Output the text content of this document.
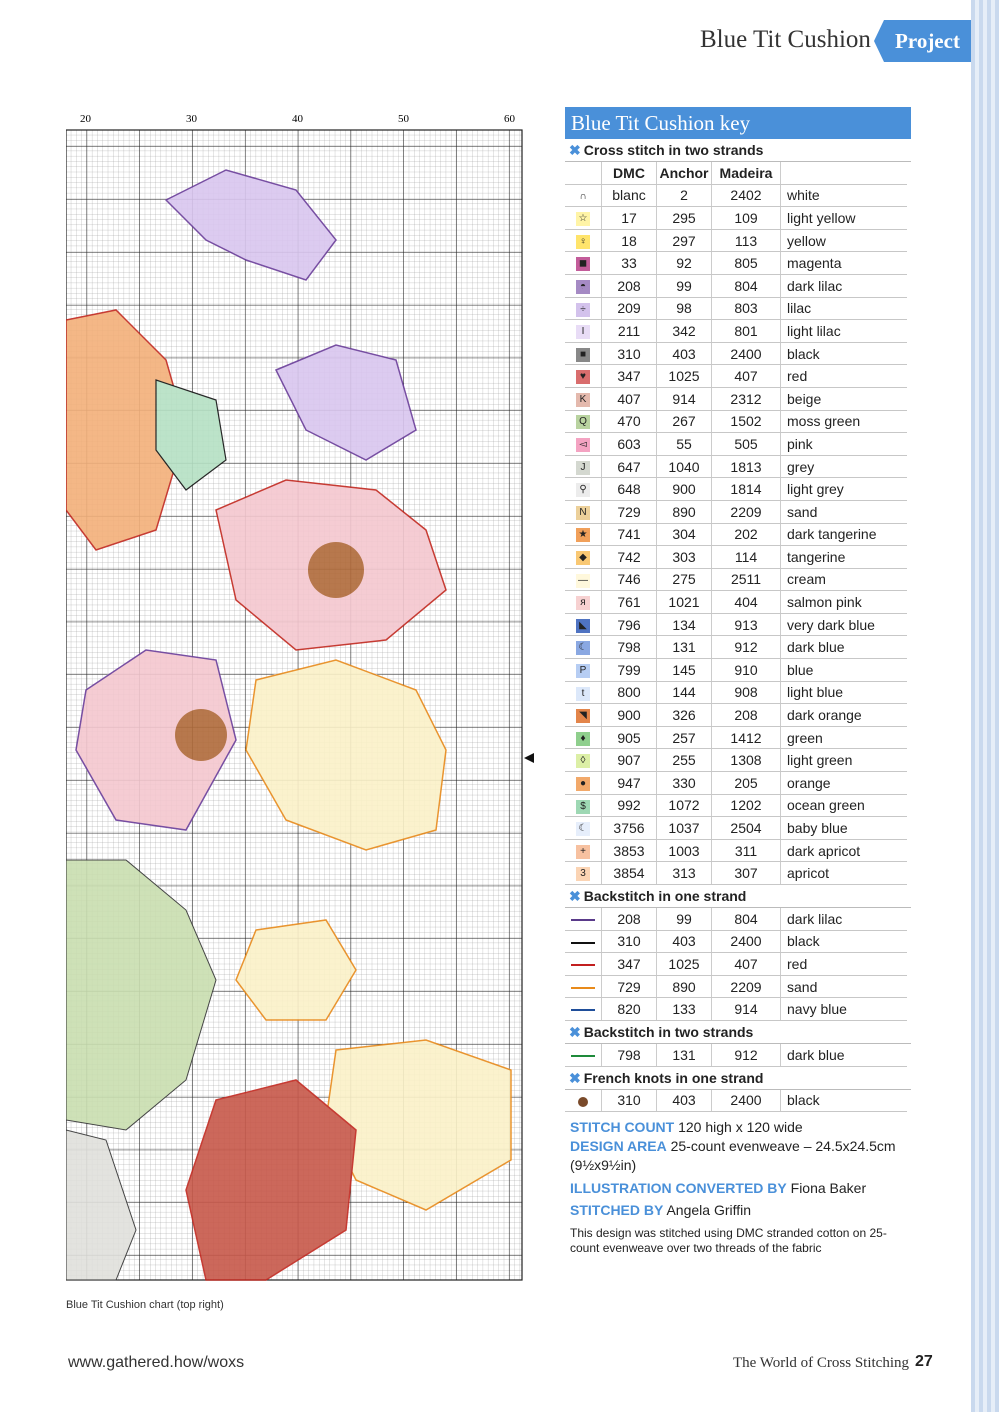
Blue Tit Cushion	Project
20	30	40	50	60
Blue Tit Cushion chart (top right)
Blue Tit Cushion key
✖ Cross stitch in two strands
	DMC	Anchor	Madeira	
∩	blanc	2	2402	white
☆	17	295	109	light yellow
♀	18	297	113	yellow
◼	33	92	805	magenta
◓	208	99	804	dark lilac
÷	209	98	803	lilac
I	211	342	801	light lilac
■	310	403	2400	black
♥	347	1025	407	red
K	407	914	2312	beige
Q	470	267	1502	moss green
◅	603	55	505	pink
J	647	1040	1813	grey
⚲	648	900	1814	light grey
N	729	890	2209	sand
★	741	304	202	dark tangerine
◆	742	303	114	tangerine
—	746	275	2511	cream
я	761	1021	404	salmon pink
◣	796	134	913	very dark blue
☾	798	131	912	dark blue
P	799	145	910	blue
t	800	144	908	light blue
◥	900	326	208	dark orange
♦	905	257	1412	green
◊	907	255	1308	light green
●	947	330	205	orange
$	992	1072	1202	ocean green
☾	3756	1037	2504	baby blue
+	3853	1003	311	dark apricot
3	3854	313	307	apricot
✖ Backstitch in one strand
	208	99	804	dark lilac
	310	403	2400	black
	347	1025	407	red
	729	890	2209	sand
	820	133	914	navy blue
✖ Backstitch in two strands
	798	131	912	dark blue
✖ French knots in one strand
	310	403	2400	black
STITCH COUNT 120 high x 120 wide
DESIGN AREA 25-count evenweave – 24.5x24.5cm (9½x9½in)
ILLUSTRATION CONVERTED BY Fiona Baker
STITCHED BY Angela Griffin
This design was stitched using DMC stranded cotton on 25-count evenweave over two threads of the fabric
www.gathered.how/woxs	The World of Cross Stitching 27
